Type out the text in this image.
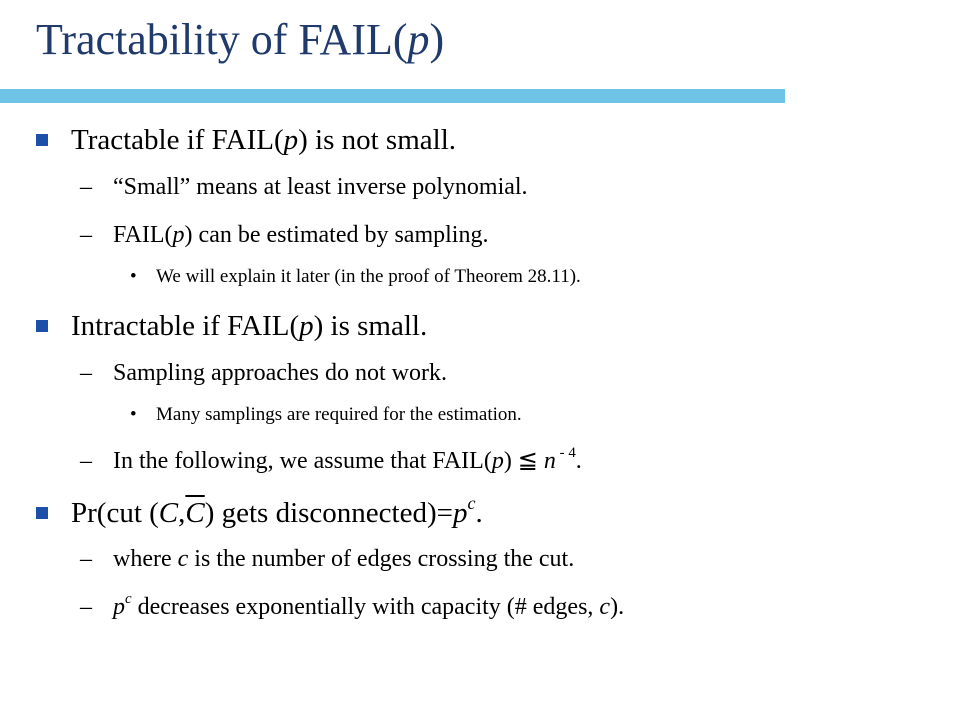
Tractability of FAIL(p)
Tractable if FAIL(p) is not small.
– “Small” means at least inverse polynomial.
– FAIL(p) can be estimated by sampling.
• We will explain it later (in the proof of Theorem 28.11).
Intractable if FAIL(p) is small.
– Sampling approaches do not work.
• Many samplings are required for the estimation.
– In the following, we assume that FAIL(p) ≦ n $^{- 4}$.
Pr(cut $(C,\overline{C})$ gets $disconnected)=p^c$.
– where c is the number of edges crossing the cut.
– $p^c$ decreases exponentially with capacity (# edges, c).
